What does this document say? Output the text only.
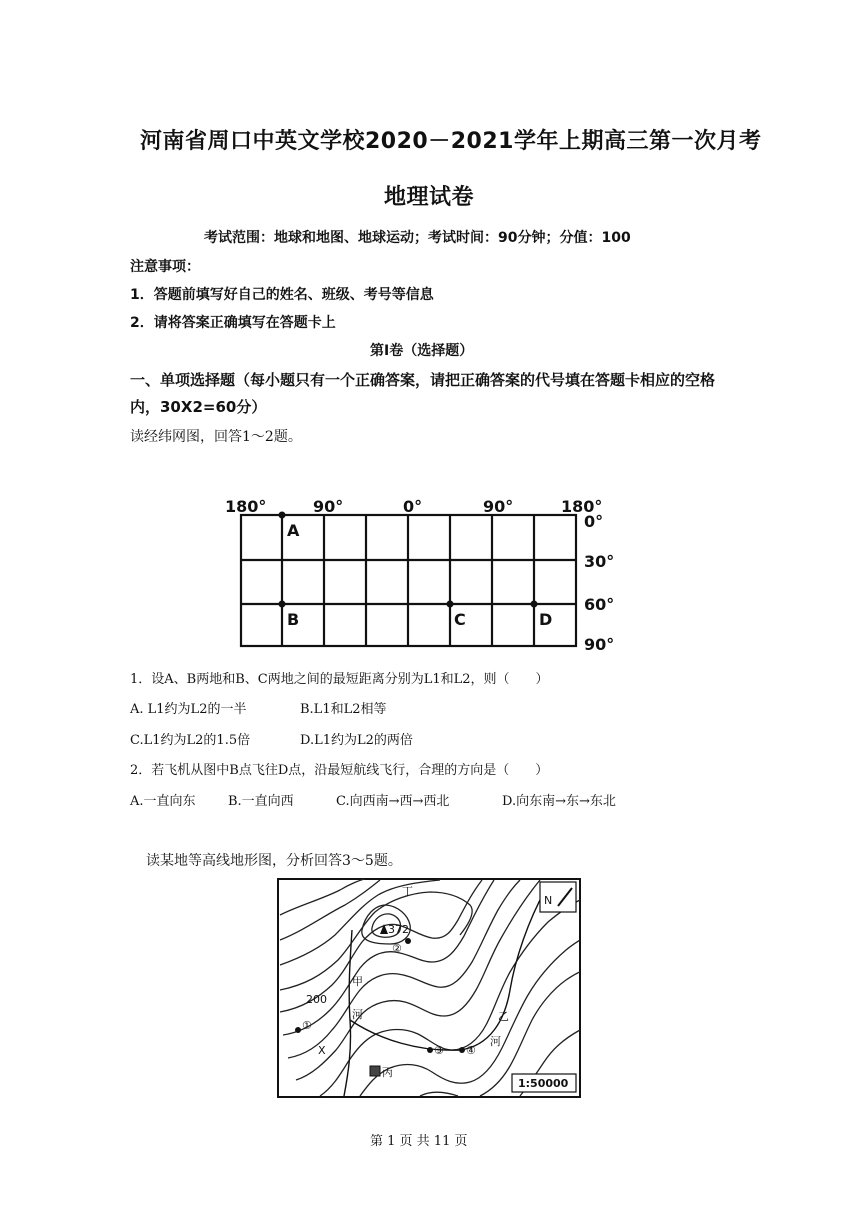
河南省周口中英文学校2020－2021学年上期高三第一次月考
地理试卷
考试范围：地球和地图、地球运动；考试时间：90分钟；分值：100
注意事项：
1．答题前填写好自己的姓名、班级、考号等信息
2．请将答案正确填写在答题卡上
第I卷（选择题）
一、单项选择题（每小题只有一个正确答案，请把正确答案的代号填在答题卡相应的空格
内，30X2=60分）
读经纬网图，回答1～2题。
180°	90°	0°	90°	180°
0°
30°
60°
90°
A
B	C	D
1．设A、B两地和B、C两地之间的最短距离分别为L1和L2，则（　　）
A. L1约为L2的一半	B.L1和L2相等
C.L1约为L2的1.5倍	D.L1约为L2的两倍
2．若飞机从图中B点飞往D点，沿最短航线飞行，合理的方向是（　　）
A.一直向东 B.一直向西	C.向西南→西→西北	D.向东南→东→东北
读某地等高线地形图，分析回答3～5题。
N
1:50000
丁
372
②
甲
200
河
①
乙
河
X	③ ④
丙
第 1 页 共 11 页
